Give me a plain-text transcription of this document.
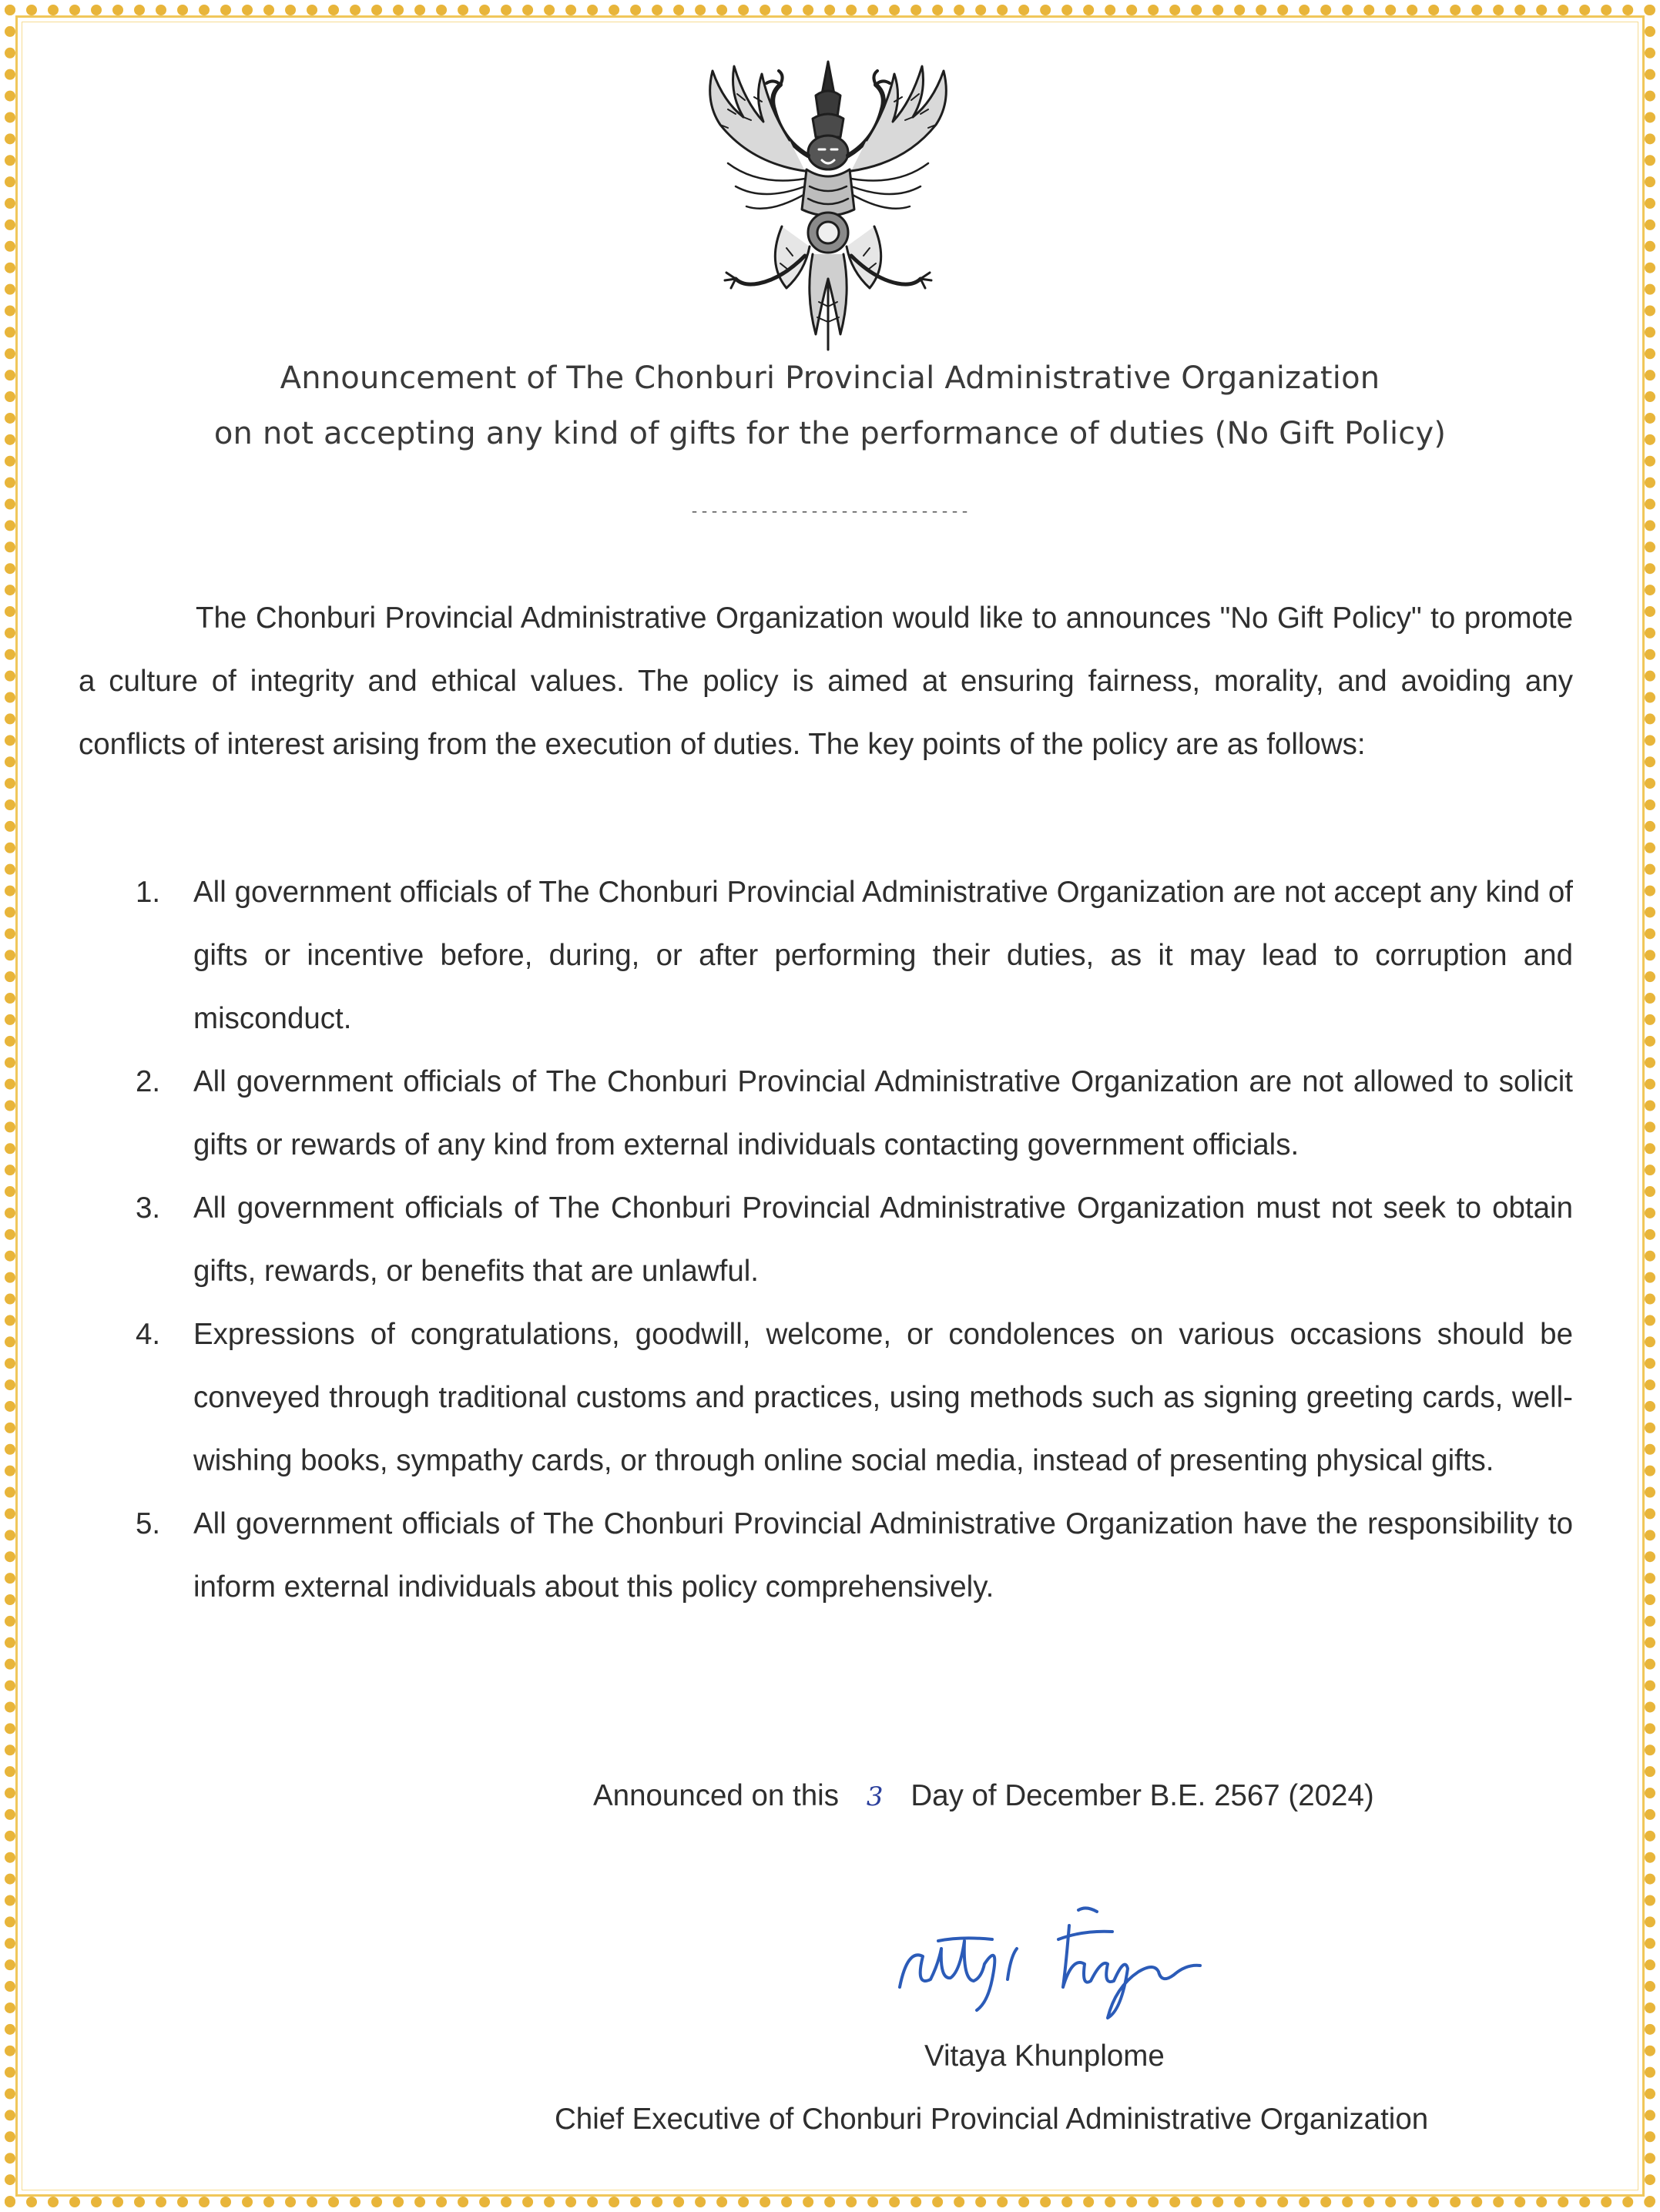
Announcement of The Chonburi Provincial Administrative Organization
on not accepting any kind of gifts for the performance of duties (No Gift Policy)
----------------------------
The Chonburi Provincial Administrative Organization would like to announces "No Gift Policy" to promote a culture of integrity and ethical values. The policy is aimed at ensuring fairness, morality, and avoiding any conflicts of interest arising from the execution of duties. The key points of the policy are as follows:
1. All government officials of The Chonburi Provincial Administrative Organization are not accept any kind of gifts or incentive before, during, or after performing their duties, as it may lead to corruption and misconduct.
2. All government officials of The Chonburi Provincial Administrative Organization are not allowed to solicit gifts or rewards of any kind from external individuals contacting government officials.
3. All government officials of The Chonburi Provincial Administrative Organization must not seek to obtain gifts, rewards, or benefits that are unlawful.
4. Expressions of congratulations, goodwill, welcome, or condolences on various occasions should be conveyed through traditional customs and practices, using methods such as signing greeting cards, well-wishing books, sympathy cards, or through online social media, instead of presenting physical gifts.
5. All government officials of The Chonburi Provincial Administrative Organization have the responsibility to inform external individuals about this policy comprehensively.
Announced on this 3 Day of December B.E. 2567 (2024)
Vitaya Khunplome
Chief Executive of Chonburi Provincial Administrative Organization
